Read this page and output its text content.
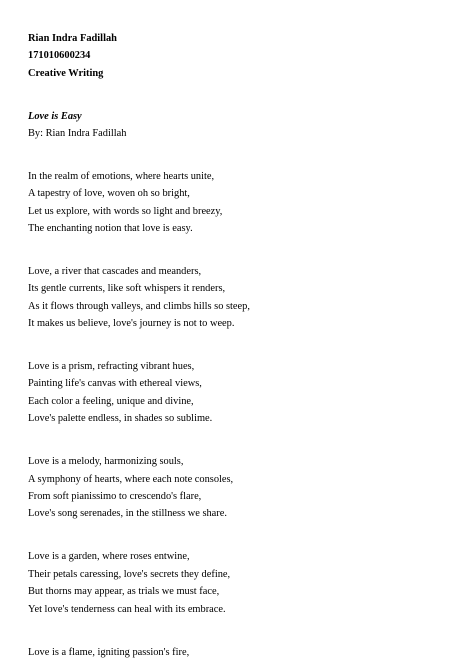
Rian Indra Fadillah
171010600234
Creative Writing
Love is Easy
By: Rian Indra Fadillah
In the realm of emotions, where hearts unite,
A tapestry of love, woven oh so bright,
Let us explore, with words so light and breezy,
The enchanting notion that love is easy.
Love, a river that cascades and meanders,
Its gentle currents, like soft whispers it renders,
As it flows through valleys, and climbs hills so steep,
It makes us believe, love's journey is not to weep.
Love is a prism, refracting vibrant hues,
Painting life's canvas with ethereal views,
Each color a feeling, unique and divine,
Love's palette endless, in shades so sublime.
Love is a melody, harmonizing souls,
A symphony of hearts, where each note consoles,
From soft pianissimo to crescendo's flare,
Love's song serenades, in the stillness we share.
Love is a garden, where roses entwine,
Their petals caressing, love's secrets they define,
But thorns may appear, as trials we must face,
Yet love's tenderness can heal with its embrace.
Love is a flame, igniting passion's fire,
